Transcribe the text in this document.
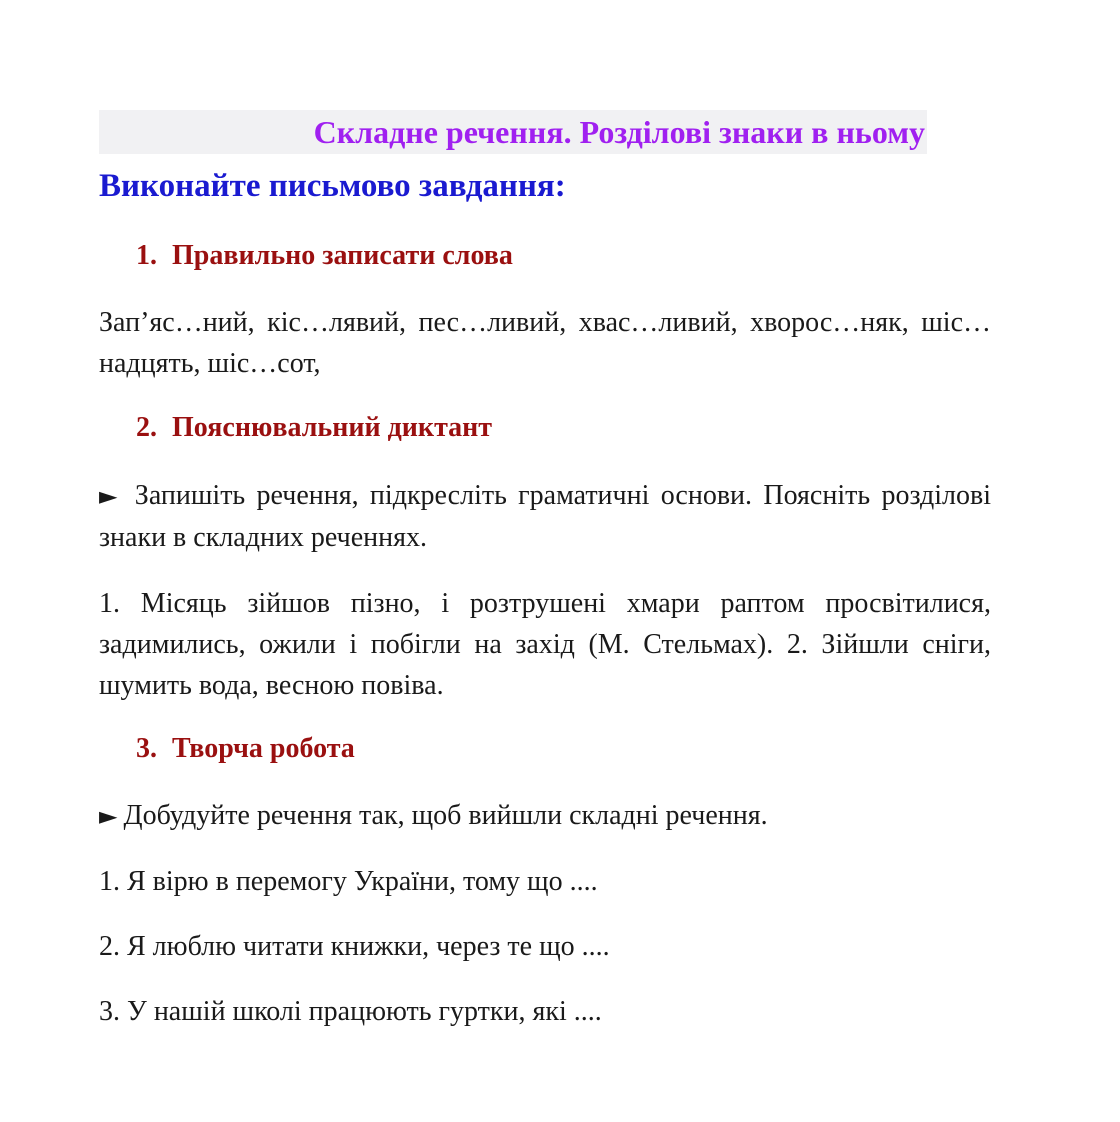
Складне речення. Розділові знаки в ньому
Виконайте письмово завдання:
1. Правильно записати слова
Зап’яс…ний, кіс…лявий, пес…ливий, хвас…ливий, хворос…няк, шіс…надцять, шіс…сот,
2. Пояснювальний диктант
► Запишіть речення, підкресліть граматичні основи. Поясніть розділові знаки в складних реченнях.
1. Місяць зійшов пізно, і розтрушені хмари раптом просвітилися, задимились, ожили і побігли на захід (М. Стельмах). 2. Зійшли сніги, шумить вода, весною повіва.
3. Творча робота
► Добудуйте речення так, щоб вийшли складні речення.
1. Я вірю в перемогу України, тому що ....
2. Я люблю читати книжки, через те що ....
3. У нашій школі працюють гуртки, які ....
